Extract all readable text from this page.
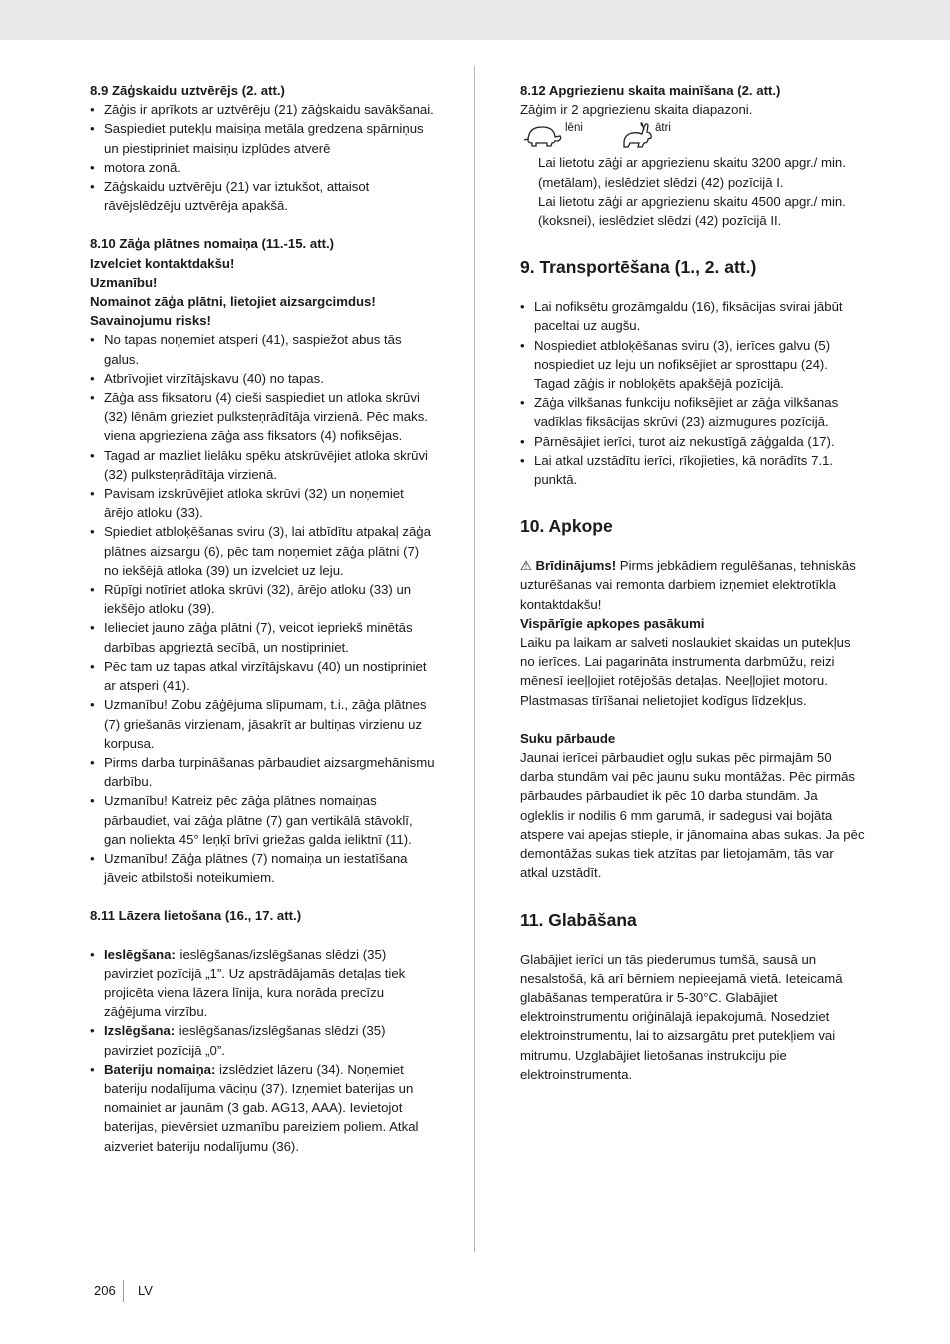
8.9 Zāģskaidu uztvērējs (2. att.)
• Zāģis ir aprīkots ar uztvērēju (21) zāģskaidu savākšanai.
• Saspiediet putekļu maisiņa metāla gredzena spārniņus un piestipriniet maisiņu izplūdes atverē
• motora zonā.
• Zāģskaidu uztvērēju (21) var iztukšot, attaisot rāvējslēdzēju uztvērēja apakšā.
8.10 Zāģa plātnes nomaiņa (11.-15. att.)
Izvelciet kontaktdakšu!
Uzmanību!
Nomainot zāģa plātni, lietojiet aizsargcimdus! Savainojumu risks!
• No tapas noņemiet atsperi (41), saspiežot abus tās galus.
• Atbrīvojiet virzītājskavu (40) no tapas.
• Zāģa ass fiksatoru (4) cieši saspiediet un atloka skrūvi (32) lēnām grieziet pulksteņrādītāja virzienā. Pēc maks. viena apgrieziena zāģa ass fiksators (4) nofiksējas.
• Tagad ar mazliet lielāku spēku atskrūvējiet atloka skrūvi (32) pulksteņrādītāja virzienā.
• Pavisam izskrūvējiet atloka skrūvi (32) un noņemiet ārējo atloku (33).
• Spiediet atbloķēšanas sviru (3), lai atbīdītu atpakaļ zāģa plātnes aizsargu (6), pēc tam noņemiet zāģa plātni (7) no iekšējā atloka (39) un izvelciet uz leju.
• Rūpīgi notīriet atloka skrūvi (32), ārējo atloku (33) un iekšējo atloku (39).
• Ielieciet jauno zāģa plātni (7), veicot iepriekš minētās darbības apgrieztā secībā, un nostipriniet.
• Pēc tam uz tapas atkal virzītājskavu (40) un nostipriniet ar atsperi (41).
• Uzmanību! Zobu zāģējuma slīpumam, t.i., zāģa plātnes (7) griešanās virzienam, jāsakrīt ar bultiņas virzienu uz korpusa.
• Pirms darba turpināšanas pārbaudiet aizsargmehānismu darbību.
• Uzmanību! Katreiz pēc zāģa plātnes nomaiņas pārbaudiet, vai zāģa plātne (7) gan vertikālā stāvoklī, gan noliekta 45° leņķī brīvi griežas galda ieliktnī (11).
• Uzmanību! Zāģa plātnes (7) nomaiņa un iestatīšana jāveic atbilstoši noteikumiem.
8.11 Lāzera lietošana (16., 17. att.)
• Ieslēgšana: ieslēgšanas/izslēgšanas slēdzi (35) pavirziet pozīcijā „1”. Uz apstrādājamās detaļas tiek projicēta viena lāzera līnija, kura norāda precīzu zāģējuma virzību.
• Izslēgšana: ieslēgšanas/izslēgšanas slēdzi (35) pavirziet pozīcijā „0”.
• Bateriju nomaiņa: izslēdziet lāzeru (34). Noņemiet bateriju nodalījuma vāciņu (37). Izņemiet baterijas un nomainiet ar jaunām (3 gab. AG13, AAA). Ievietojot baterijas, pievērsiet uzmanību pareiziem poliem. Atkal aizveriet bateriju nodalījumu (36).
8.12 Apgriezienu skaita mainīšana (2. att.)
Zāģim ir 2 apgriezienu skaita diapazoni.
lēni	ātri
Lai lietotu zāģi ar apgriezienu skaitu 3200 apgr./ min. (metālam), ieslēdziet slēdzi (42) pozīcijā I.
Lai lietotu zāģi ar apgriezienu skaitu 4500 apgr./ min. (koksnei), ieslēdziet slēdzi (42) pozīcijā II.
9. Transportēšana (1., 2. att.)
• Lai nofiksētu grozāmgaldu (16), fiksācijas svirai jābūt paceltai uz augšu.
• Nospiediet atbloķēšanas sviru (3), ierīces galvu (5) nospiediet uz leju un nofiksējiet ar sprosttapu (24). Tagad zāģis ir nobloķēts apakšējā pozīcijā.
• Zāģa vilkšanas funkciju nofiksējiet ar zāģa vilkšanas vadīklas fiksācijas skrūvi (23) aizmugures pozīcijā.
• Pārnēsājiet ierīci, turot aiz nekustīgā zāģgalda (17).
• Lai atkal uzstādītu ierīci, rīkojieties, kā norādīts 7.1. punktā.
10. Apkope
⚠ Brīdinājums! Pirms jebkādiem regulēšanas, tehniskās uzturēšanas vai remonta darbiem izņemiet elektrotīkla kontaktdakšu!
Vispārīgie apkopes pasākumi
Laiku pa laikam ar salveti noslaukiet skaidas un putekļus no ierīces. Lai pagarināta instrumenta darbmūžu, reizi mēnesī ieeļļojiet rotējošās detaļas. Neeļļojiet motoru.
Plastmasas tīrīšanai nelietojiet kodīgus līdzekļus.
Suku pārbaude
Jaunai ierīcei pārbaudiet ogļu sukas pēc pirmajām 50 darba stundām vai pēc jaunu suku montāžas. Pēc pirmās pārbaudes pārbaudiet ik pēc 10 darba stundām. Ja ogleklis ir nodilis 6 mm garumā, ir sadegusi vai bojāta atspere vai apejas stieple, ir jānomaina abas sukas. Ja pēc demontāžas sukas tiek atzītas par lietojamām, tās var atkal uzstādīt.
11. Glabāšana
Glabājiet ierīci un tās piederumus tumšā, sausā un nesalstošā, kā arī bērniem nepieejamā vietā. Ieteicamā glabāšanas temperatūra ir 5-30°C. Glabājiet elektroinstrumentu oriģinālajā iepakojumā. Nosedziet elektroinstrumentu, lai to aizsargātu pret putekļiem vai mitrumu. Uzglabājiet lietošanas instrukciju pie elektroinstrumenta.
206 LV
